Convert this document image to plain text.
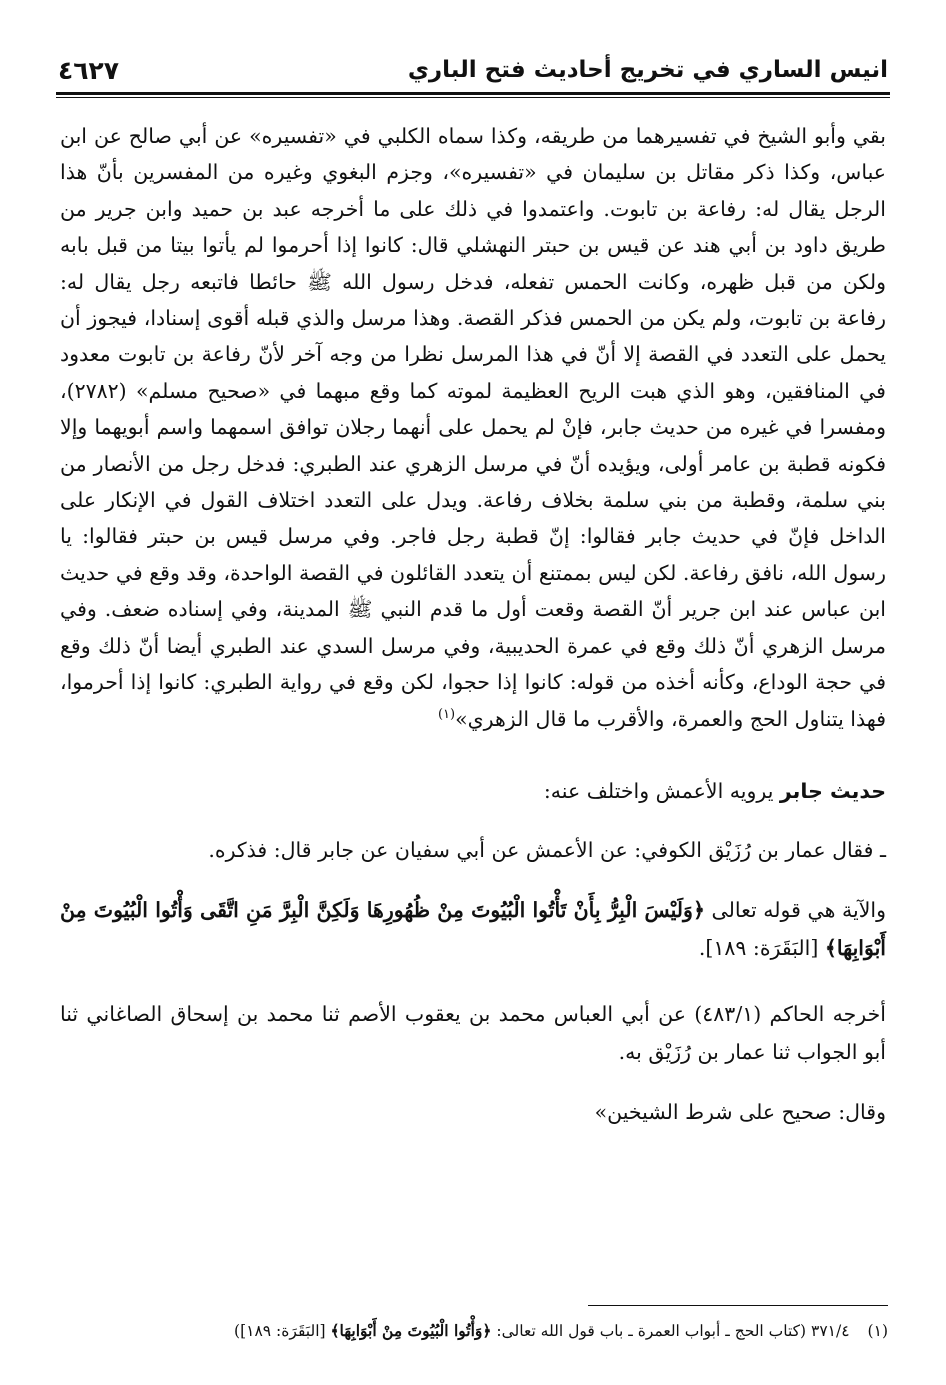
انيس الساري في تخريج أحاديث فتح الباري
٤٦٢٧

بقي وأبو الشيخ في تفسيرهما من طريقه، وكذا سماه الكلبي في «تفسيره» عن أبي صالح عن ابن عباس، وكذا ذكر مقاتل بن سليمان في «تفسيره»، وجزم البغوي وغيره من المفسرين بأنّ هذا الرجل يقال له: رفاعة بن تابوت. واعتمدوا في ذلك على ما أخرجه عبد بن حميد وابن جرير من طريق داود بن أبي هند عن قيس بن حبتر النهشلي قال: كانوا إذا أحرموا لم يأتوا بيتا من قبل بابه ولكن من قبل ظهره، وكانت الحمس تفعله، فدخل رسول الله ﷺ حائطا فاتبعه رجل يقال له: رفاعة بن تابوت، ولم يكن من الحمس فذكر القصة. وهذا مرسل والذي قبله أقوى إسنادا، فيجوز أن يحمل على التعدد في القصة إلا أنّ في هذا المرسل نظرا من وجه آخر لأنّ رفاعة بن تابوت معدود في المنافقين، وهو الذي هبت الريح العظيمة لموته كما وقع مبهما في «صحيح مسلم» (٢٧٨٢)، ومفسرا في غيره من حديث جابر، فإنْ لم يحمل على أنهما رجلان توافق اسمهما واسم أبويهما وإلا فكونه قطبة بن عامر أولى، ويؤيده أنّ في مرسل الزهري عند الطبري: فدخل رجل من الأنصار من بني سلمة، وقطبة من بني سلمة بخلاف رفاعة. ويدل على التعدد اختلاف القول في الإنكار على الداخل فإنّ في حديث جابر فقالوا: إنّ قطبة رجل فاجر. وفي مرسل قيس بن حبتر فقالوا: يا رسول الله، نافق رفاعة. لكن ليس بممتنع أن يتعدد القائلون في القصة الواحدة، وقد وقع في حديث ابن عباس عند ابن جرير أنّ القصة وقعت أول ما قدم النبي ﷺ المدينة، وفي إسناده ضعف. وفي مرسل الزهري أنّ ذلك وقع في عمرة الحديبية، وفي مرسل السدي عند الطبري أيضا أنّ ذلك وقع في حجة الوداع، وكأنه أخذه من قوله: كانوا إذا حجوا، لكن وقع في رواية الطبري: كانوا إذا أحرموا، فهذا يتناول الحج والعمرة، والأقرب ما قال الزهري»$^{(١)}$

حديث جابر يرويه الأعمش واختلف عنه:

ـ فقال عمار بن رُزَيْق الكوفي: عن الأعمش عن أبي سفيان عن جابر قال: فذكره.

والآية هي قوله تعالى ﴿وَلَيْسَ الْبِرُّ بِأَنْ تَأْتُوا الْبُيُوتَ مِنْ ظُهُورِهَا وَلَكِنَّ الْبِرَّ مَنِ اتَّقَى وَأْتُوا الْبُيُوتَ مِنْ أَبْوَابِهَا﴾ [البَقَرَة: ١٨٩].

أخرجه الحاكم (٤٨٣/١) عن أبي العباس محمد بن يعقوب الأصم ثنا محمد بن إسحاق الصاغاني ثنا أبو الجواب ثنا عمار بن رُزَيْق به.

وقال: صحيح على شرط الشيخين»

(١)٣٧١/٤ (كتاب الحج ـ أبواب العمرة ـ باب قول الله تعالى: ﴿وَأْتُوا الْبُيُوتَ مِنْ أَبْوَابِهَا﴾ [البَقَرَة: ١٨٩])
